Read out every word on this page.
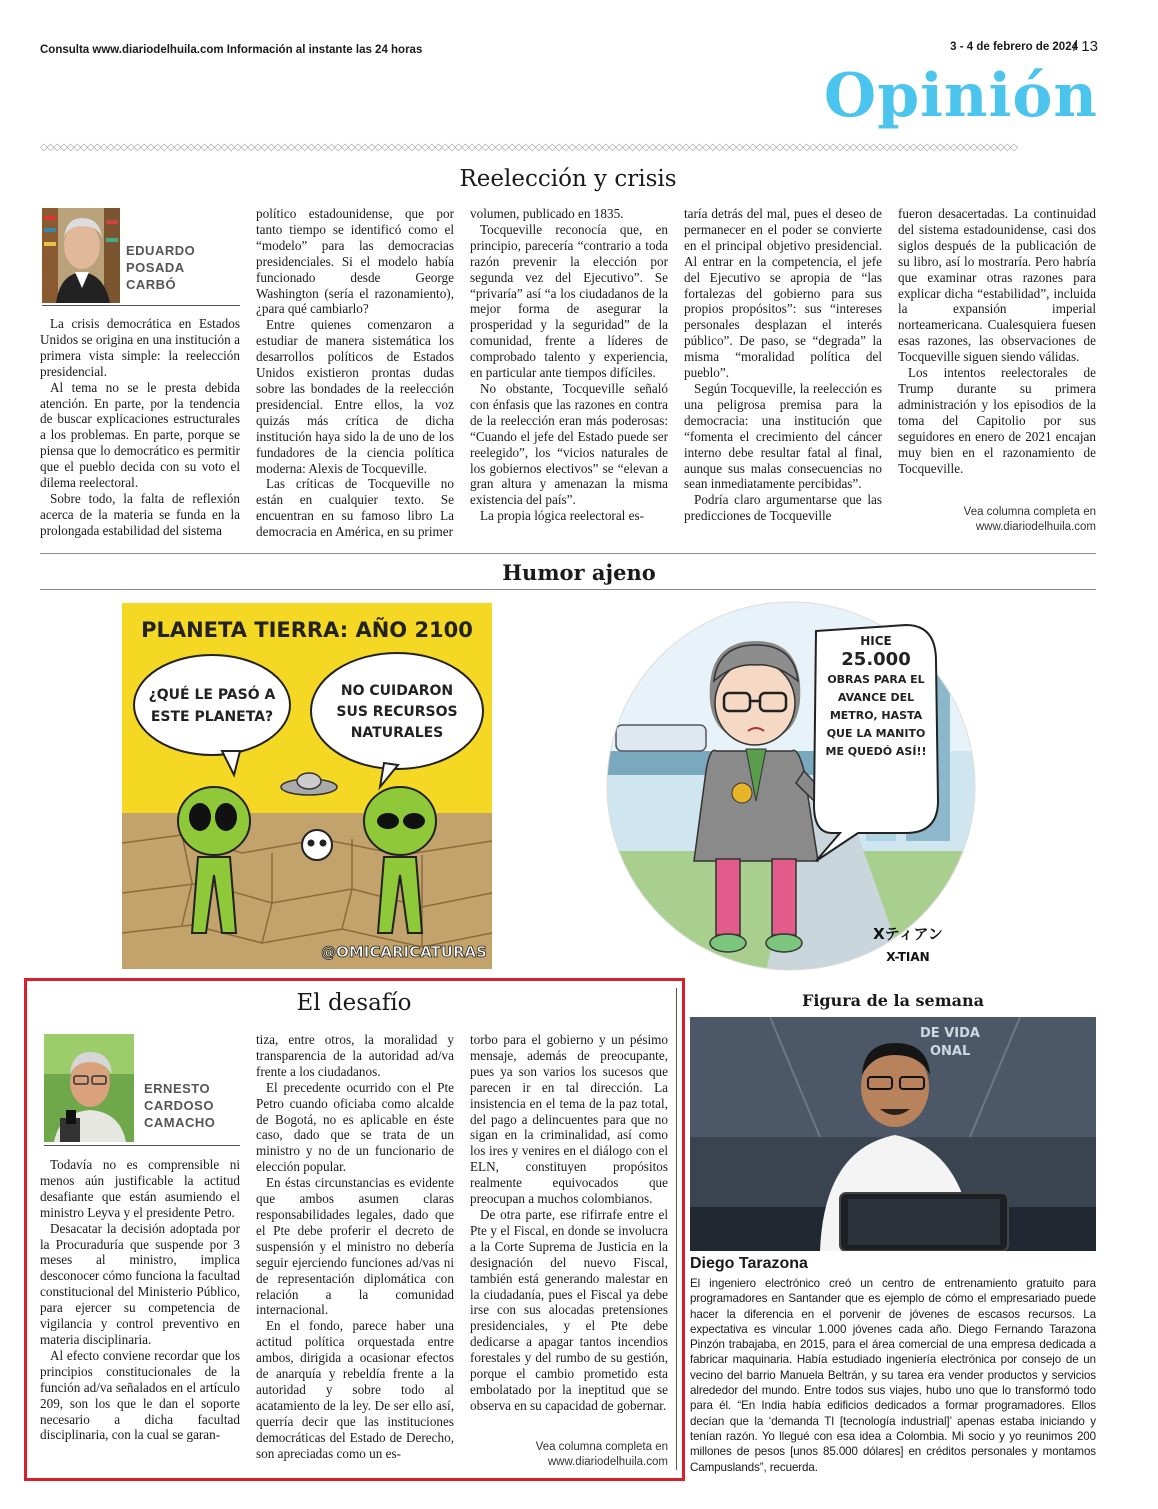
Consulta www.diariodelhuila.com Información al instante las 24 horas	3 - 4 de febrero de 2024
/ 13
Opinión
◇◇◇◇◇◇◇◇◇◇◇◇◇◇◇◇◇◇◇◇◇◇◇◇◇◇◇◇◇◇◇◇◇◇◇◇◇◇◇◇◇◇◇◇◇◇◇◇◇◇◇◇◇◇◇◇◇◇◇◇◇◇◇◇◇◇◇◇◇◇◇◇◇◇◇◇◇◇◇◇◇◇◇◇◇◇◇◇◇◇◇◇◇◇◇◇◇◇◇◇◇◇◇◇◇◇◇◇◇◇◇◇◇◇◇◇◇◇◇◇◇◇◇◇◇◇◇◇◇◇◇◇◇◇◇◇◇◇◇◇◇◇◇◇◇◇
Reelección y crisis
EDUARDO
POSADA
CARBÓ

La crisis democrática en Estados Unidos se origina en una institución a primera vista simple: la reelección presidencial.

Al tema no se le presta debida atención. En parte, por la tendencia de buscar explicaciones estructurales a los problemas. En parte, porque se piensa que lo democrático es permitir que el pueblo decida con su voto el dilema reelectoral.

Sobre todo, la falta de reflexión acerca de la materia se funda en la prolongada estabilidad del sistema

político estadounidense, que por tanto tiempo se identificó como el “modelo” para las democracias presidenciales. Si el modelo había funcionado desde George Washington (sería el razonamiento), ¿para qué cambiarlo?

Entre quienes comenzaron a estudiar de manera sistemática los desarrollos políticos de Estados Unidos existieron prontas dudas sobre las bondades de la reelección presidencial. Entre ellos, la voz quizás más crítica de dicha institución haya sido la de uno de los fundadores de la ciencia política moderna: Alexis de Tocqueville.

Las críticas de Tocqueville no están en cualquier texto. Se encuentran en su famoso libro La democracia en América, en su primer

volumen, publicado en 1835.

Tocqueville reconocía que, en principio, parecería “contrario a toda razón prevenir la elección por segunda vez del Ejecutivo”. Se “privaría” así “a los ciudadanos de la mejor forma de asegurar la prosperidad y la seguridad” de la comunidad, frente a líderes de comprobado talento y experiencia, en particular ante tiempos difíciles.

No obstante, Tocqueville señaló con énfasis que las razones en contra de la reelección eran más poderosas: “Cuando el jefe del Estado puede ser reelegido”, los “vicios naturales de los gobiernos electivos” se “elevan a gran altura y amenazan la misma existencia del país”.

La propia lógica reelectoral es-

taría detrás del mal, pues el deseo de permanecer en el poder se convierte en el principal objetivo presidencial. Al entrar en la competencia, el jefe del Ejecutivo se apropia de “las fortalezas del gobierno para sus propios propósitos”: sus “intereses personales desplazan el interés público”. De paso, se “degrada” la misma “moralidad política del pueblo”.

Según Tocqueville, la reelección es una peligrosa premisa para la democracia: una institución que “fomenta el crecimiento del cáncer interno debe resultar fatal al final, aunque sus malas consecuencias no sean inmediatamente percibidas”.

Podría claro argumentarse que las predicciones de Tocqueville

fueron desacertadas. La continuidad del sistema estadounidense, casi dos siglos después de la publicación de su libro, así lo mostraría. Pero habría que examinar otras razones para explicar dicha “estabilidad”, incluida la expansión imperial norteamericana. Cualesquiera fuesen esas razones, las observaciones de Tocqueville siguen siendo válidas.

Los intentos reelectorales de Trump durante su primera administración y los episodios de la toma del Capitolio por sus seguidores en enero de 2021 encajan muy bien en el razonamiento de Tocqueville.

Vea columna completa en
www.diariodelhuila.com
Humor ajeno
PLANETA TIERRA: AÑO 2100
¿QUÉ LE PASÓ A
ESTE PLANETA?
NO CUIDARON
SUS RECURSOS
NATURALES
@OMICARICATURAS
HICE
25.000
OBRAS PARA EL
AVANCE DEL
METRO, HASTA
QUE LA MANITO
ME QUEDÓ ASÍ!!
Xティアン
X-TIAN
El desafío
ERNESTO
CARDOSO
CAMACHO

Todavía no es comprensible ni menos aún justificable la actitud desafiante que están asumiendo el ministro Leyva y el presidente Petro.

Desacatar la decisión adoptada por la Procuraduría que suspende por 3 meses al ministro, implica desconocer cómo funciona la facultad constitucional del Ministerio Público, para ejercer su competencia de vigilancia y control preventivo en materia disciplinaria.

Al efecto conviene recordar que los principios constitucionales de la función ad/va señalados en el artículo 209, son los que le dan el soporte necesario a dicha facultad disciplinaria, con la cual se garan-

tiza, entre otros, la moralidad y transparencia de la autoridad ad/va frente a los ciudadanos.

El precedente ocurrido con el Pte Petro cuando oficiaba como alcalde de Bogotá, no es aplicable en éste caso, dado que se trata de un ministro y no de un funcionario de elección popular.

En éstas circunstancias es evidente que ambos asumen claras responsabilidades legales, dado que el Pte debe proferir el decreto de suspensión y el ministro no debería seguir ejerciendo funciones ad/vas ni de representación diplomática con relación a la comunidad internacional.

En el fondo, parece haber una actitud política orquestada entre ambos, dirigida a ocasionar efectos de anarquía y rebeldía frente a la autoridad y sobre todo al acatamiento de la ley. De ser ello así, querría decir que las instituciones democráticas del Estado de Derecho, son apreciadas como un es-

torbo para el gobierno y un pésimo mensaje, además de preocupante, pues ya son varios los sucesos que parecen ir en tal dirección. La insistencia en el tema de la paz total, del pago a delincuentes para que no sigan en la criminalidad, así como los ires y venires en el diálogo con el ELN, constituyen propósitos realmente equivocados que preocupan a muchos colombianos.

De otra parte, ese rifirrafe entre el Pte y el Fiscal, en donde se involucra a la Corte Suprema de Justicia en la designación del nuevo Fiscal, también está generando malestar en la ciudadanía, pues el Fiscal ya debe irse con sus alocadas pretensiones presidenciales, y el Pte debe dedicarse a apagar tantos incendios forestales y del rumbo de su gestión, porque el cambio prometido esta embolatado por la ineptitud que se observa en su capacidad de gobernar.

Vea columna completa en
www.diariodelhuila.com
Figura de la semana
DE VIDA
ONAL
Diego Tarazona
El ingeniero electrónico creó un centro de entrenamiento gratuito para programadores en Santander que es ejemplo de cómo el empresariado puede hacer la diferencia en el porvenir de jóvenes de escasos recursos. La expectativa es vincular 1.000 jóvenes cada año. Diego Fernando Tarazona Pinzón trabajaba, en 2015, para el área comercial de una empresa dedicada a fabricar maquinaria. Había estudiado ingeniería electrónica por consejo de un vecino del barrio Manuela Beltrán, y su tarea era vender productos y servicios alrededor del mundo. Entre todos sus viajes, hubo uno que lo transformó todo para él. “En India había edificios dedicados a formar programadores. Ellos decían que la ‘demanda TI [tecnología industrial]’ apenas estaba iniciando y tenían razón. Yo llegué con esa idea a Colombia. Mi socio y yo reunimos 200 millones de pesos [unos 85.000 dólares] en créditos personales y montamos Campuslands”, recuerda.
